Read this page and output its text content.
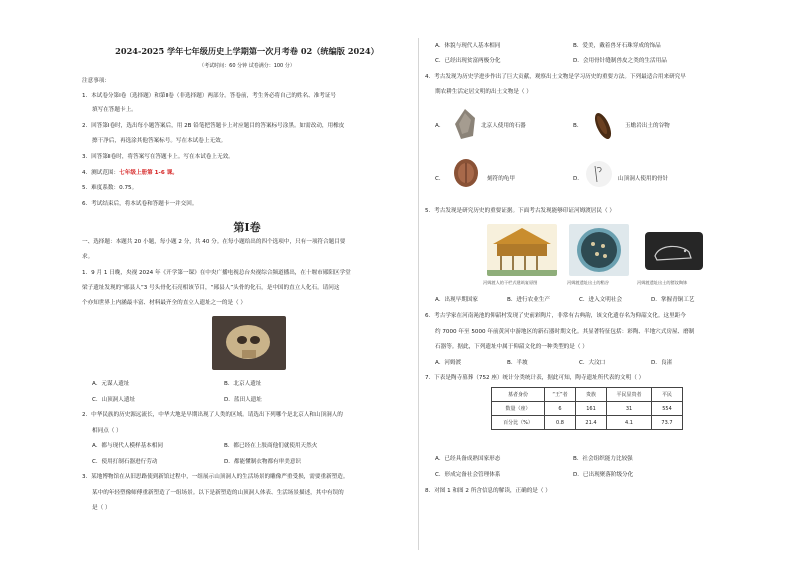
2024-2025 学年七年级历史上学期第一次月考卷 02（统编版 2024）
（考试时间：60 分钟 试卷满分：100 分）
注意事项：
1．本试卷分第Ⅰ卷（选择题）和第Ⅱ卷（非选择题）两部分。答卷前，考生务必将自己的姓名、准考证号
填写在答题卡上。
2．回答第Ⅰ卷时，选出每小题答案后，用 2B 铅笔把答题卡上对应题目的答案标号涂黑。如需改动，用橡皮
擦干净后，再选涂其他答案标号。写在本试卷上无效。
3．回答第Ⅱ卷时，将答案写在答题卡上。写在本试卷上无效。
4．测试范围：七年级上册第 1-6 课。
5．难度系数：0.75。
6．考试结束后，将本试卷和答题卡一并交回。
第Ⅰ卷
一、选择题：本题共 20 小题，每小题 2 分，共 40 分。在每小题给出的四个选项中，只有一项符合题目要
求。
1．9 月 1 日晚，央视 2024 年《开学第一课》在中央广播电视总台央视综合频道播出，在十堰市郧阳区学堂
梁子遗址发现的“郧县人”3 号头骨化石亮相该节目，“郧县人”头骨的化石，是中国的直立人化石。请问这
个亦知世界上内涵最丰富、材料最齐全的直立人遗址之一的是（ ）
A．元谋人遗址	B．北京人遗址
C．山顶洞人遗址	D．蓝田人遗址
2．中华民族的历史源远流长，中华大地是早期出现了人类的区域。请选出下列哪个是北京人和山顶洞人的
相同点（ ）
A．都与现代人模样基本相同	B．都已经在上肢商他们就使用天然火
C．使用打制石器进行劳动	D．都能懂制衣物都有审美意识
3．某地博物馆在从旧思路使到新馆过程中，一组展示山顶洞人的生活场景的雕像严重受损，需要重新塑造。
某中的年轻塑像师傅重新塑造了一组场景。以下是新塑造的山顶洞人体表、生活场景描述，其中有误的
是（ ）
A．体貌与现代人基本相同	B．爱美，戴着兽牙石珠穿成的饰品
C．已经出现贫富两极分化	D．会用骨针缝制兽皮之类的生活用品
4．考古发现为历史学进步作出了巨大贡献，观察出土文物是学习历史的重要方法。下列最适合用来研究早
期农耕生活定居文明的出土文物是（ ）
A．	北京人使用的石器	B．	玉蟾岩出土的谷物
C．	刻符的龟甲	D．	山顶洞人使用的骨针
5．考古发现是研究历史的重要证据。下面考古发现能够印证河姆渡居民（ ）
河姆渡人的干栏式建筑复原图	河姆渡遗址出土的稻谷	河姆渡遗址出土的猪纹陶钵
A．出现早期国家	B．进行农业生产	C．进入文明社会	D．掌握青铜工艺
6．考古学家在河南渑池的仰韶村发现了史前彩陶片，非常有古典韵，该文化遗存名为仰韶文化。这里距今
约 7000 年至 5000 年前黄河中游地区的新石器时期文化。其显著特征包括：彩陶、半地穴式房屋、磨制
石器等。据此，下列遗址中属于仰韶文化的一种类型的是（ ）
A．河姆渡	B．半坡	C．大汶口	D．良渚
7．下表是陶寺墓葬（752 座）统计分类统计表，据此可知，陶寺遗址所代表的文明（ ）
墓者身份	“王”者	贵族	平民显贵者	平民
数量（座）	6	161	31	554
百分比（%）	0.8	21.4	4.1	73.7
A．已经具备成熟国家形态	B．社会组织能力比较强
C．形成完备社会管理体系	D．已出现聚落阶级分化
8．对图 1 和图 2 所含信息的解读，正确的是（ ）
